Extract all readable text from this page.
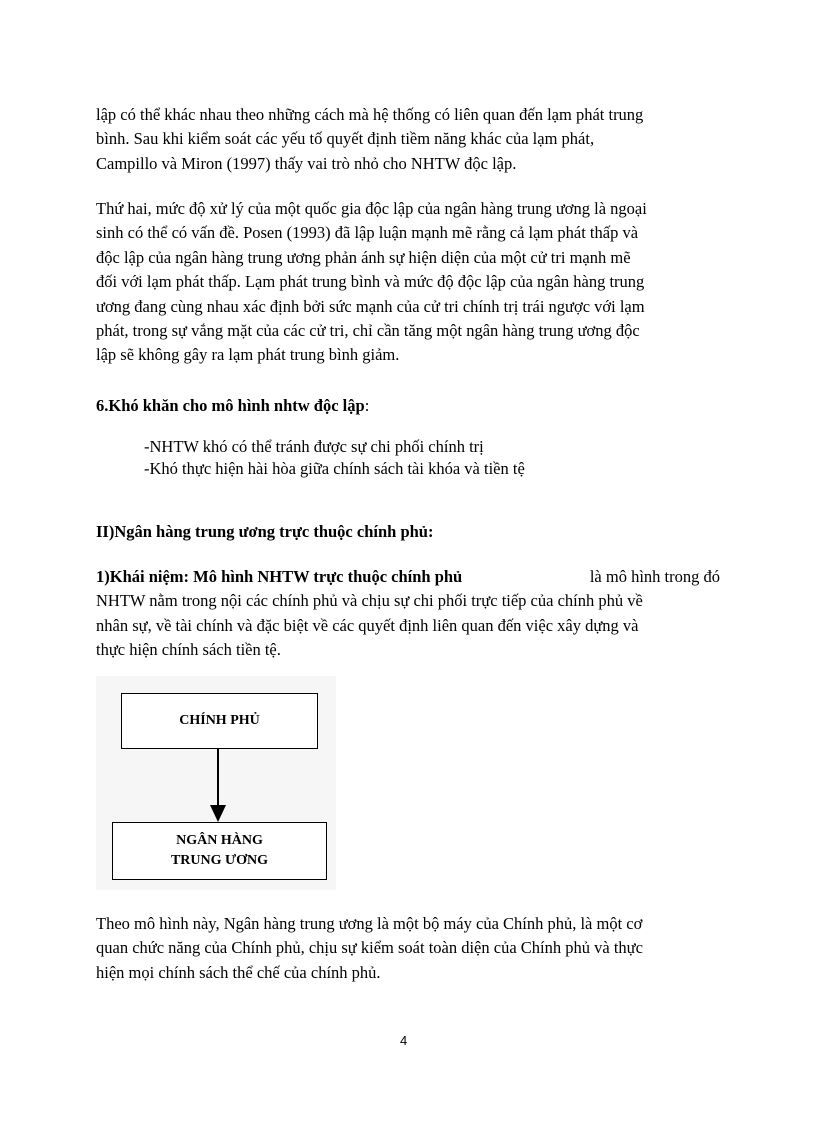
lập có thể khác nhau theo những cách mà hệ thống có liên quan đến lạm phát trung
bình. Sau khi kiểm soát các yếu tố quyết định tiềm năng khác của lạm phát,
Campillo và Miron (1997) thấy vai trò nhỏ cho NHTW độc lập.
Thứ hai, mức độ xử lý của một quốc gia độc lập của ngân hàng trung ương là ngoại
sinh có thể có vấn đề. Posen (1993) đã lập luận mạnh mẽ rằng cả lạm phát thấp và
độc lập của ngân hàng trung ương phản ánh sự hiện diện của một cử tri mạnh mẽ
đối với lạm phát thấp. Lạm phát trung bình và mức độ độc lập của ngân hàng trung
ương đang cùng nhau xác định bởi sức mạnh của cử tri chính trị trái ngược với lạm
phát, trong sự vắng mặt của các cử tri, chỉ cần tăng một ngân hàng trung ương độc
lập sẽ không gây ra lạm phát trung bình giảm.
6.Khó khăn cho mô hình nhtw độc lập:
-NHTW khó có thể tránh được sự chi phối chính trị
-Khó thực hiện hài hòa giữa chính sách tài khóa và tiền tệ
II)Ngân hàng trung ương trực thuộc chính phủ:
1)Khái niệm: Mô hình NHTW trực thuộc chính phủ	là mô hình trong đó
NHTW nằm trong nội các chính phủ và chịu sự chi phối trực tiếp của chính phủ về
nhân sự, về tài chính và đặc biệt về các quyết định liên quan đến việc xây dựng và
thực hiện chính sách tiền tệ.
CHÍNH PHỦ
NGÂN HÀNG
TRUNG ƯƠNG
Theo mô hình này, Ngân hàng trung ương là một bộ máy của Chính phủ, là một cơ
quan chức năng của Chính phủ, chịu sự kiểm soát toàn diện của Chính phủ và thực
hiện mọi chính sách thể chế của chính phủ.
4
